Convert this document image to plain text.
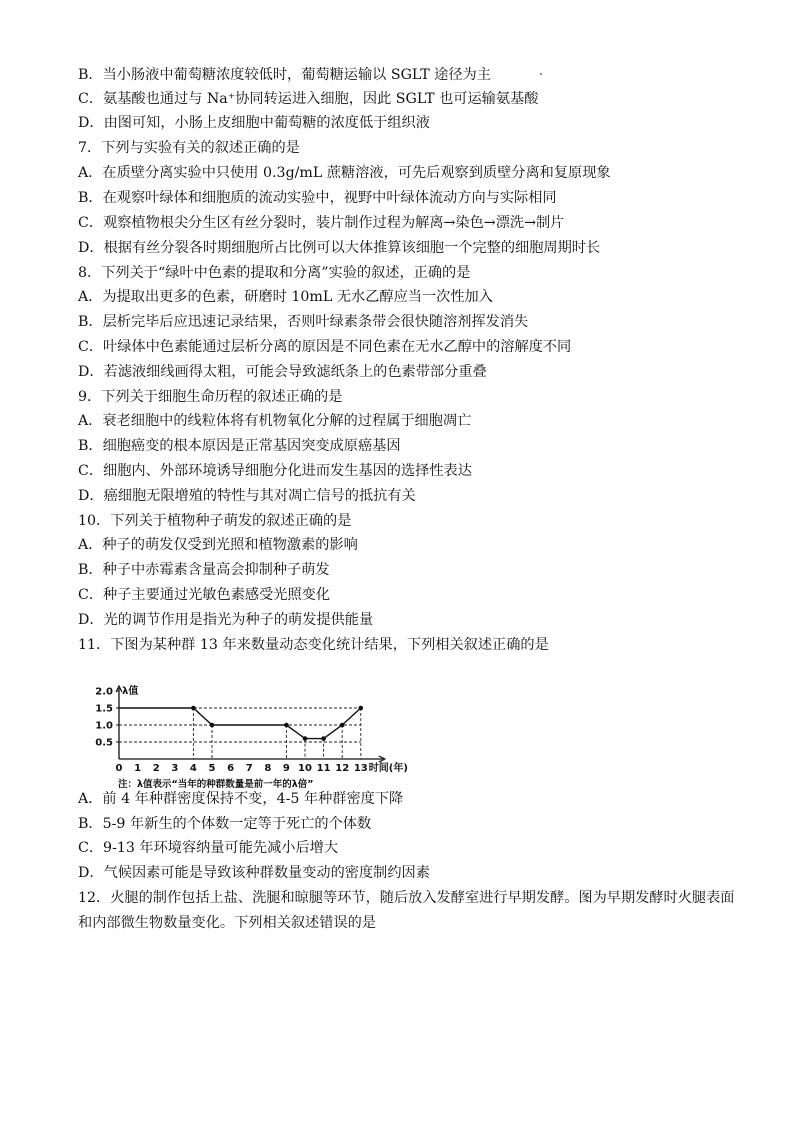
B．当小肠液中葡萄糖浓度较低时，葡萄糖运输以 SGLT 途径为主
C．氨基酸也通过与 Na⁺协同转运进入细胞，因此 SGLT 也可运输氨基酸
D．由图可知，小肠上皮细胞中葡萄糖的浓度低于组织液
7．下列与实验有关的叙述正确的是
A．在质壁分离实验中只使用 0.3g/mL 蔗糖溶液，可先后观察到质壁分离和复原现象
B．在观察叶绿体和细胞质的流动实验中，视野中叶绿体流动方向与实际相同
C．观察植物根尖分生区有丝分裂时，装片制作过程为解离→染色→漂洗→制片
D．根据有丝分裂各时期细胞所占比例可以大体推算该细胞一个完整的细胞周期时长
8．下列关于“绿叶中色素的提取和分离”实验的叙述，正确的是
A．为提取出更多的色素，研磨时 10mL 无水乙醇应当一次性加入
B．层析完毕后应迅速记录结果，否则叶绿素条带会很快随溶剂挥发消失
C．叶绿体中色素能通过层析分离的原因是不同色素在无水乙醇中的溶解度不同
D．若滤液细线画得太粗，可能会导致滤纸条上的色素带部分重叠
9．下列关于细胞生命历程的叙述正确的是
A．衰老细胞中的线粒体将有机物氧化分解的过程属于细胞凋亡
B．细胞癌变的根本原因是正常基因突变成原癌基因
C．细胞内、外部环境诱导细胞分化进而发生基因的选择性表达
D．癌细胞无限增殖的特性与其对凋亡信号的抵抗有关
10．下列关于植物种子萌发的叙述正确的是
A．种子的萌发仅受到光照和植物激素的影响
B．种子中赤霉素含量高会抑制种子萌发
C．种子主要通过光敏色素感受光照变化
D．光的调节作用是指光为种子的萌发提供能量
11．下图为某种群 13 年来数量动态变化统计结果，下列相关叙述正确的是
λ值
2.0
1.5
1.0
0.5
0 1 2 3 4 5 6 7 8 9 10 11 12 13 时间(年)
注：λ值表示“当年的种群数量是前一年的λ倍”
A．前 4 年种群密度保持不变，4-5 年种群密度下降
B．5-9 年新生的个体数一定等于死亡的个体数
C．9-13 年环境容纳量可能先减小后增大
D．气候因素可能是导致该种群数量变动的密度制约因素
12．火腿的制作包括上盐、洗腿和晾腿等环节，随后放入发酵室进行早期发酵。图为早期发酵时火腿表面
和内部微生物数量变化。下列相关叙述错误的是
